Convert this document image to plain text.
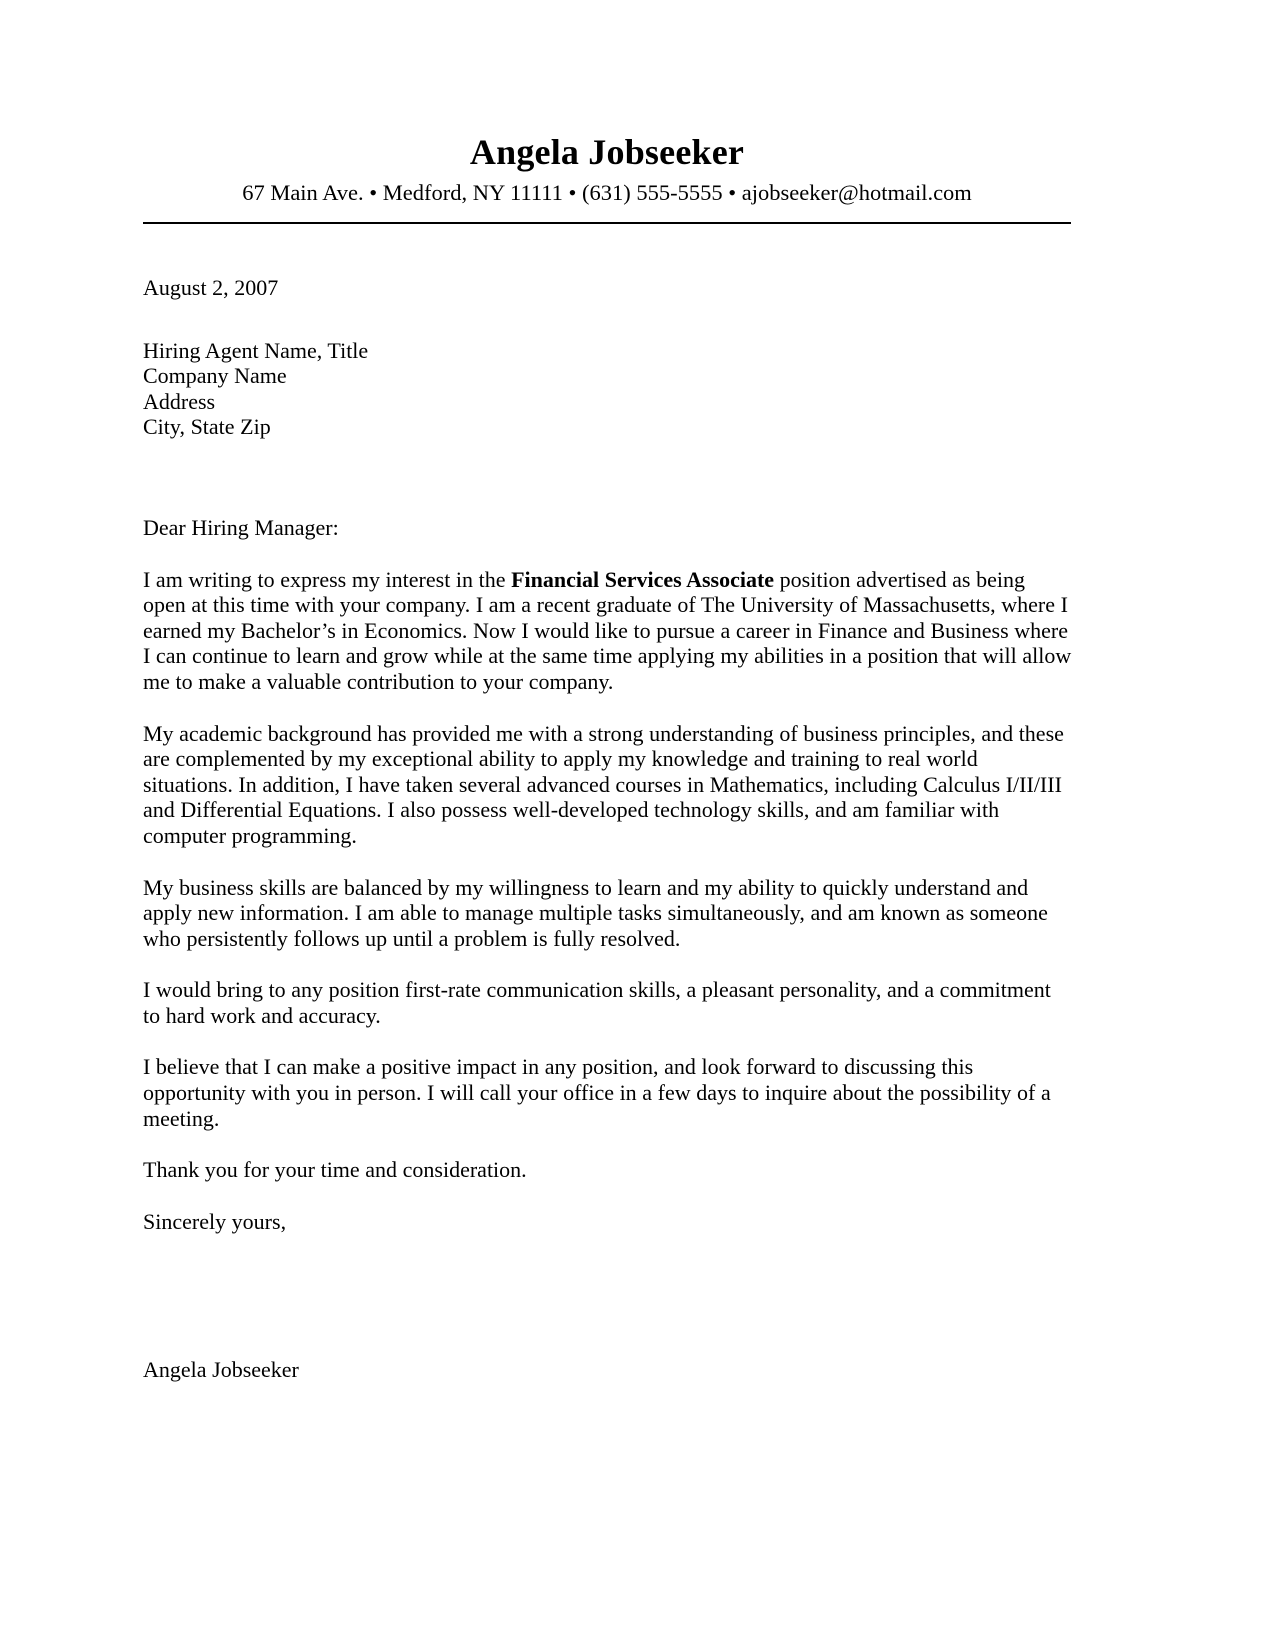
Angela Jobseeker
67 Main Ave. • Medford, NY 11111 • (631) 555-5555 • ajobseeker@hotmail.com
August 2, 2007
Hiring Agent Name, Title
Company Name
Address
City, State Zip
Dear Hiring Manager:

I am writing to express my interest in the Financial Services Associate position advertised as being open at this time with your company. I am a recent graduate of The University of Massachusetts, where I earned my Bachelor’s in Economics. Now I would like to pursue a career in Finance and Business where I can continue to learn and grow while at the same time applying my abilities in a position that will allow me to make a valuable contribution to your company.

My academic background has provided me with a strong understanding of business principles, and these are complemented by my exceptional ability to apply my knowledge and training to real world situations. In addition, I have taken several advanced courses in Mathematics, including Calculus I/II/III and Differential Equations. I also possess well-developed technology skills, and am familiar with computer programming.

My business skills are balanced by my willingness to learn and my ability to quickly understand and apply new information. I am able to manage multiple tasks simultaneously, and am known as someone who persistently follows up until a problem is fully resolved.

I would bring to any position first-rate communication skills, a pleasant personality, and a commitment to hard work and accuracy.

I believe that I can make a positive impact in any position, and look forward to discussing this opportunity with you in person. I will call your office in a few days to inquire about the possibility of a meeting.

Thank you for your time and consideration.
Sincerely yours,
Angela Jobseeker
